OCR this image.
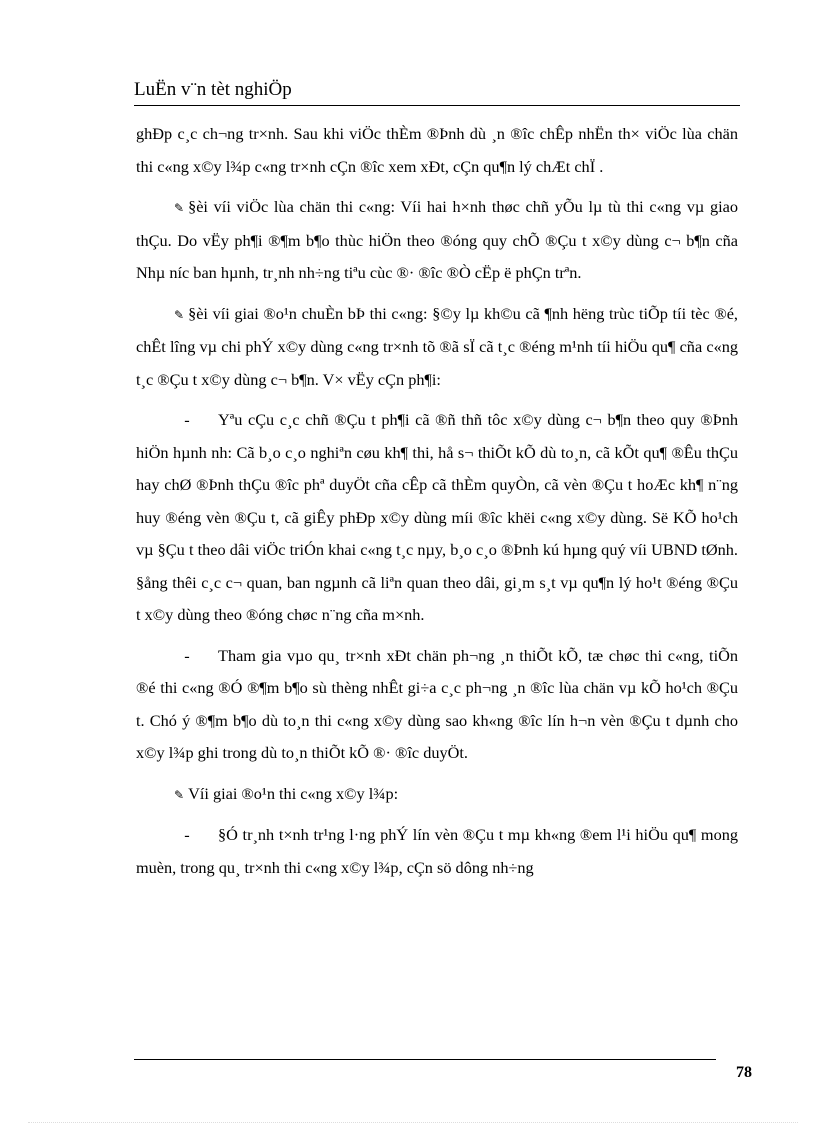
LuËn v¨n tèt nghiÖp

ghÐp c¸c ch¬ng tr×nh. Sau khi viÖc thÈm ®Þnh dù ¸n ®îc chÊp nhËn th× viÖc lùa chän thi c«ng x©y l¾p c«ng tr×nh cÇn ®îc xem xÐt, cÇn qu¶n lý chÆt chÏ .

✎ §èi víi viÖc lùa chän thi c«ng: Víi hai h×nh thøc chñ yÕu lµ tù thi c«ng vµ giao thÇu. Do vËy ph¶i ®¶m b¶o thùc hiÖn theo ®óng quy chÕ ®Çu t x©y dùng c¬ b¶n cña Nhµ níc ban hµnh, tr¸nh nh÷ng tiªu cùc ®· ®îc ®Ò cËp ë phÇn trªn.

✎ §èi víi giai ®o¹n chuÈn bÞ thi c«ng: §©y lµ kh©u cã ¶nh hëng trùc tiÕp tíi tèc ®é, chÊt lîng vµ chi phÝ x©y dùng c«ng tr×nh tõ ®ã sÏ cã t¸c ®éng m¹nh tíi hiÖu qu¶ cña c«ng t¸c ®Çu t x©y dùng c¬ b¶n. V× vËy cÇn ph¶i:

- Yªu cÇu c¸c chñ ®Çu t ph¶i cã ®ñ thñ tôc x©y dùng c¬ b¶n theo quy ®Þnh hiÖn hµnh nh: Cã b¸o c¸o nghiªn cøu kh¶ thi, hå s¬ thiÕt kÕ dù to¸n, cã kÕt qu¶ ®Êu thÇu hay chØ ®Þnh thÇu ®îc phª duyÖt cña cÊp cã thÈm quyÒn, cã vèn ®Çu t hoÆc kh¶ n¨ng huy ®éng vèn ®Çu t, cã giÊy phÐp x©y dùng míi ®îc khëi c«ng x©y dùng. Së KÕ ho¹ch vµ §Çu t theo dâi viÖc triÓn khai c«ng t¸c nµy, b¸o c¸o ®Þnh kú hµng quý víi UBND tØnh. §ång thêi c¸c c¬ quan, ban ngµnh cã liªn quan theo dâi, gi¸m s¸t vµ qu¶n lý ho¹t ®éng ®Çu t x©y dùng theo ®óng chøc n¨ng cña m×nh.

- Tham gia vµo qu¸ tr×nh xÐt chän ph¬ng ¸n thiÕt kÕ, tæ chøc thi c«ng, tiÕn ®é thi c«ng ®Ó ®¶m b¶o sù thèng nhÊt gi÷a c¸c ph¬ng ¸n ®îc lùa chän vµ kÕ ho¹ch ®Çu t. Chó ý ®¶m b¶o dù to¸n thi c«ng x©y dùng sao kh«ng ®îc lín h¬n vèn ®Çu t dµnh cho x©y l¾p ghi trong dù to¸n thiÕt kÕ ®· ®îc duyÖt.

✎ Víi giai ®o¹n thi c«ng x©y l¾p:

- §Ó tr¸nh t×nh tr¹ng l·ng phÝ lín vèn ®Çu t mµ kh«ng ®em l¹i hiÖu qu¶ mong muèn, trong qu¸ tr×nh thi c«ng x©y l¾p, cÇn sö dông nh÷ng

78
